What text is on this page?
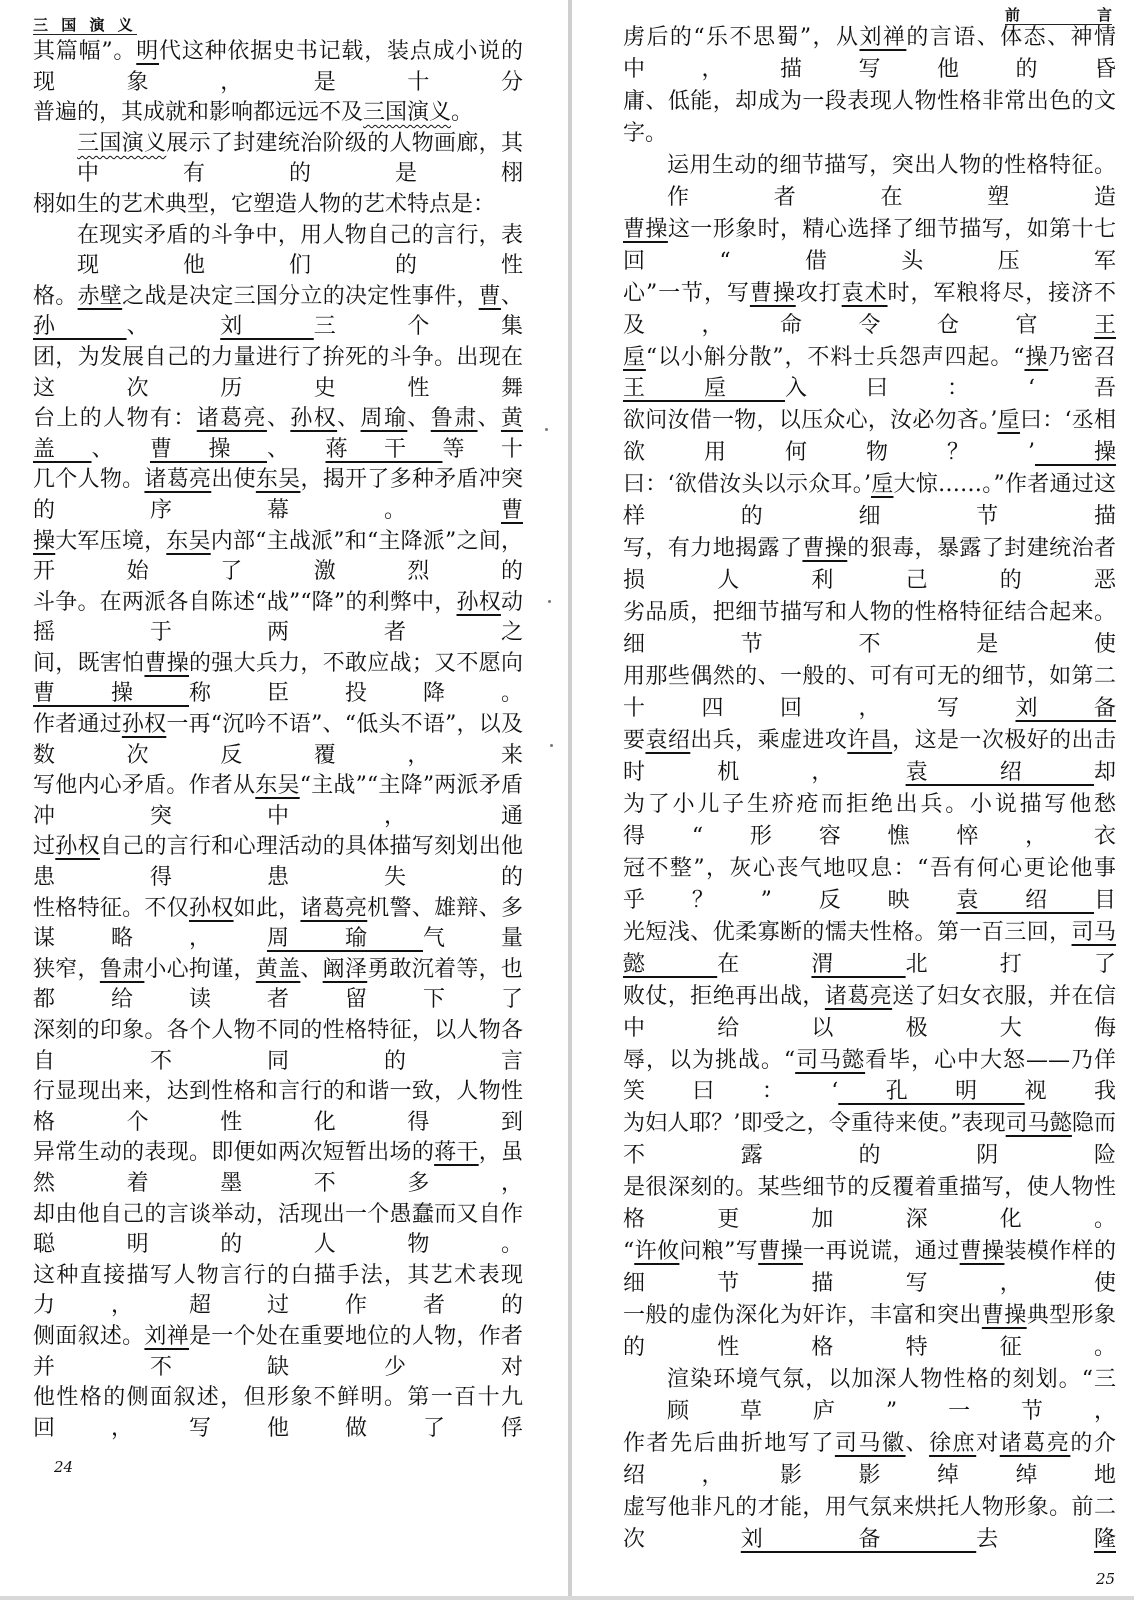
三 国 演 义
其篇幅”。明代这种依据史书记载，装点成小说的现象，是十分
普遍的，其成就和影响都远远不及三国演义。
三国演义展示了封建统治阶级的人物画廊，其中有的是栩
栩如生的艺术典型，它塑造人物的艺术特点是：
在现实矛盾的斗争中，用人物自己的言行，表现他们的性
格。赤壁之战是决定三国分立的决定性事件，曹、孙、刘三个集
团，为发展自己的力量进行了拚死的斗争。出现在这次历史性舞
台上的人物有：诸葛亮、孙权、周瑜、鲁肃、黄盖、曹操、蒋干等十
几个人物。诸葛亮出使东吴，揭开了多种矛盾冲突的序幕。曹
操大军压境，东吴内部“主战派”和“主降派”之间，开始了激烈的
斗争。在两派各自陈述“战”“降”的利弊中，孙权动摇于两者之
间，既害怕曹操的强大兵力，不敢应战；又不愿向曹操称臣投降。
作者通过孙权一再“沉吟不语”、“低头不语”，以及数次反覆，来
写他内心矛盾。作者从东吴“主战”“主降”两派矛盾冲突中，通
过孙权自己的言行和心理活动的具体描写刻划出他患得患失的
性格特征。不仅孙权如此，诸葛亮机警、雄辩、多谋略，周瑜气量
狭窄，鲁肃小心拘谨，黄盖、阚泽勇敢沉着等，也都给读者留下了
深刻的印象。各个人物不同的性格特征，以人物各自不同的言
行显现出来，达到性格和言行的和谐一致，人物性格个性化得到
异常生动的表现。即便如两次短暂出场的蒋干，虽然着墨不多，
却由他自己的言谈举动，活现出一个愚蠢而又自作聪明的人物。
这种直接描写人物言行的白描手法，其艺术表现力，超过作者的
侧面叙述。刘禅是一个处在重要地位的人物，作者并不缺少对
他性格的侧面叙述，但形象不鲜明。第一百十九回，写他做了俘
24
前	言
虏后的“乐不思蜀”，从刘禅的言语、体态、神情中，描写他的昏
庸、低能，却成为一段表现人物性格非常出色的文字。
运用生动的细节描写，突出人物的性格特征。作者在塑造
曹操这一形象时，精心选择了细节描写，如第十七回“借头压军
心”一节，写曹操攻打袁术时，军粮将尽，接济不及，命令仓官王
垕“以小斛分散”，不料士兵怨声四起。“操乃密召王垕入曰：‘吾
欲问汝借一物，以压众心，汝必勿吝。’垕曰：‘丞相欲用何物？’操
曰：‘欲借汝头以示众耳。’垕大惊……。”作者通过这样的细节描
写，有力地揭露了曹操的狠毒，暴露了封建统治者损人利己的恶
劣品质，把细节描写和人物的性格特征结合起来。细节不是使
用那些偶然的、一般的、可有可无的细节，如第二十四回，写刘备
要袁绍出兵，乘虚进攻许昌，这是一次极好的出击时机，袁绍却
为了小儿子生疥疮而拒绝出兵。小说描写他愁得“形容憔悴，衣
冠不整”，灰心丧气地叹息：“吾有何心更论他事乎？”反映袁绍目
光短浅、优柔寡断的懦夫性格。第一百三回，司马懿在渭北打了
败仗，拒绝再出战，诸葛亮送了妇女衣服，并在信中给以极大侮
辱，以为挑战。“司马懿看毕，心中大怒——乃佯笑曰：‘孔明视我
为妇人耶？’即受之，令重待来使。”表现司马懿隐而不露的阴险
是很深刻的。某些细节的反覆着重描写，使人物性格更加深化。
“许攸问粮”写曹操一再说谎，通过曹操装模作样的细节描写，使
一般的虚伪深化为奸诈，丰富和突出曹操典型形象的性格特征。
渲染环境气氛，以加深人物性格的刻划。“三顾草庐”一节，
作者先后曲折地写了司马徽、徐庶对诸葛亮的介绍，影影绰绰地
虚写他非凡的才能，用气氛来烘托人物形象。前二次刘备去隆
25
